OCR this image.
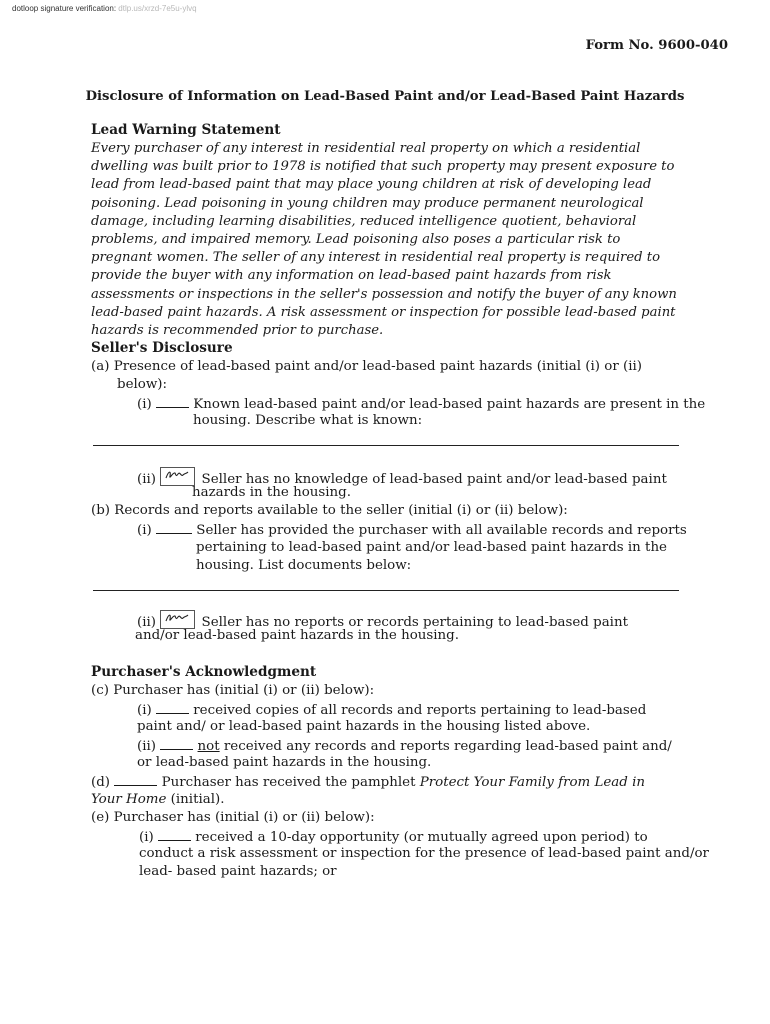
dotloop signature verification: dtlp.us/xrzd-7e5u-ylvq
Form No. 9600-040
Disclosure of Information on Lead-Based Paint and/or Lead-Based Paint Hazards
Lead Warning Statement
Every purchaser of any interest in residential real property on which a residential dwelling was built prior to 1978 is notified that such property may present exposure to lead from lead-based paint that may place young children at risk of developing lead poisoning. Lead poisoning in young children may produce permanent neurological damage, including learning disabilities, reduced intelligence quotient, behavioral problems, and impaired memory. Lead poisoning also poses a particular risk to pregnant women. The seller of any interest in residential real property is required to provide the buyer with any information on lead-based paint hazards from risk assessments or inspections in the seller's possession and notify the buyer of any known lead-based paint hazards. A risk assessment or inspection for possible lead-based paint hazards is recommended prior to purchase.
Seller's Disclosure
(a) Presence of lead-based paint and/or lead-based paint hazards (initial (i) or (ii)
below):
(i)	Known lead-based paint and/or lead-based paint hazards are present in the
housing. Describe what is known:
(ii)	Seller has no knowledge of lead-based paint and/or lead-based paint
hazards in the housing.
(b) Records and reports available to the seller (initial (i) or (ii) below):
(i)	Seller has provided the purchaser with all available records and reports
pertaining to lead-based paint and/or lead-based paint hazards in the
housing. List documents below:
(ii)	Seller has no reports or records pertaining to lead-based paint
and/or lead-based paint hazards in the housing.
Purchaser's Acknowledgment
(c) Purchaser has (initial (i) or (ii) below):
(i)	received copies of all records and reports pertaining to lead-based
paint and/ or lead-based paint hazards in the housing listed above.
(ii)	not received any records and reports regarding lead-based paint and/
or lead-based paint hazards in the housing.
(d)	Purchaser has received the pamphlet Protect Your Family from Lead in
Your Home (initial).
(e) Purchaser has (initial (i) or (ii) below):
(i)	received a 10-day opportunity (or mutually agreed upon period) to
conduct a risk assessment or inspection for the presence of lead-based paint and/or
lead- based paint hazards; or
